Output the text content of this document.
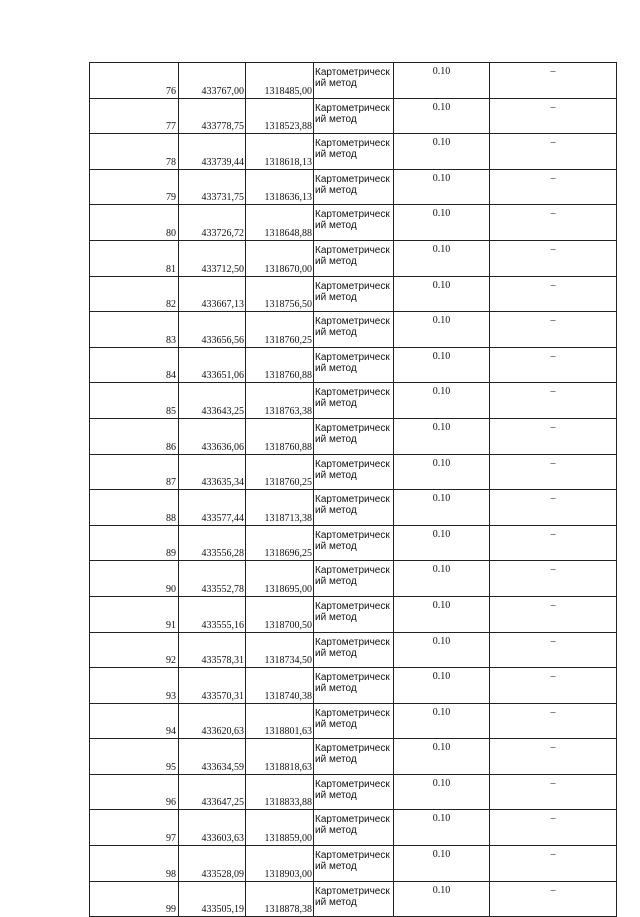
76	433767,00	1318485,00	Картометрический метод	0.10	–
77	433778,75	1318523,88	Картометрический метод	0.10	–
78	433739,44	1318618,13	Картометрический метод	0.10	–
79	433731,75	1318636,13	Картометрический метод	0.10	–
80	433726,72	1318648,88	Картометрический метод	0.10	–
81	433712,50	1318670,00	Картометрический метод	0.10	–
82	433667,13	1318756,50	Картометрический метод	0.10	–
83	433656,56	1318760,25	Картометрический метод	0.10	–
84	433651,06	1318760,88	Картометрический метод	0.10	–
85	433643,25	1318763,38	Картометрический метод	0.10	–
86	433636,06	1318760,88	Картометрический метод	0.10	–
87	433635,34	1318760,25	Картометрический метод	0.10	–
88	433577,44	1318713,38	Картометрический метод	0.10	–
89	433556,28	1318696,25	Картометрический метод	0.10	–
90	433552,78	1318695,00	Картометрический метод	0.10	–
91	433555,16	1318700,50	Картометрический метод	0.10	–
92	433578,31	1318734,50	Картометрический метод	0.10	–
93	433570,31	1318740,38	Картометрический метод	0.10	–
94	433620,63	1318801,63	Картометрический метод	0.10	–
95	433634,59	1318818,63	Картометрический метод	0.10	–
96	433647,25	1318833,88	Картометрический метод	0.10	–
97	433603,63	1318859,00	Картометрический метод	0.10	–
98	433528,09	1318903,00	Картометрический метод	0.10	–
99	433505,19	1318878,38	Картометрический метод	0.10	–
